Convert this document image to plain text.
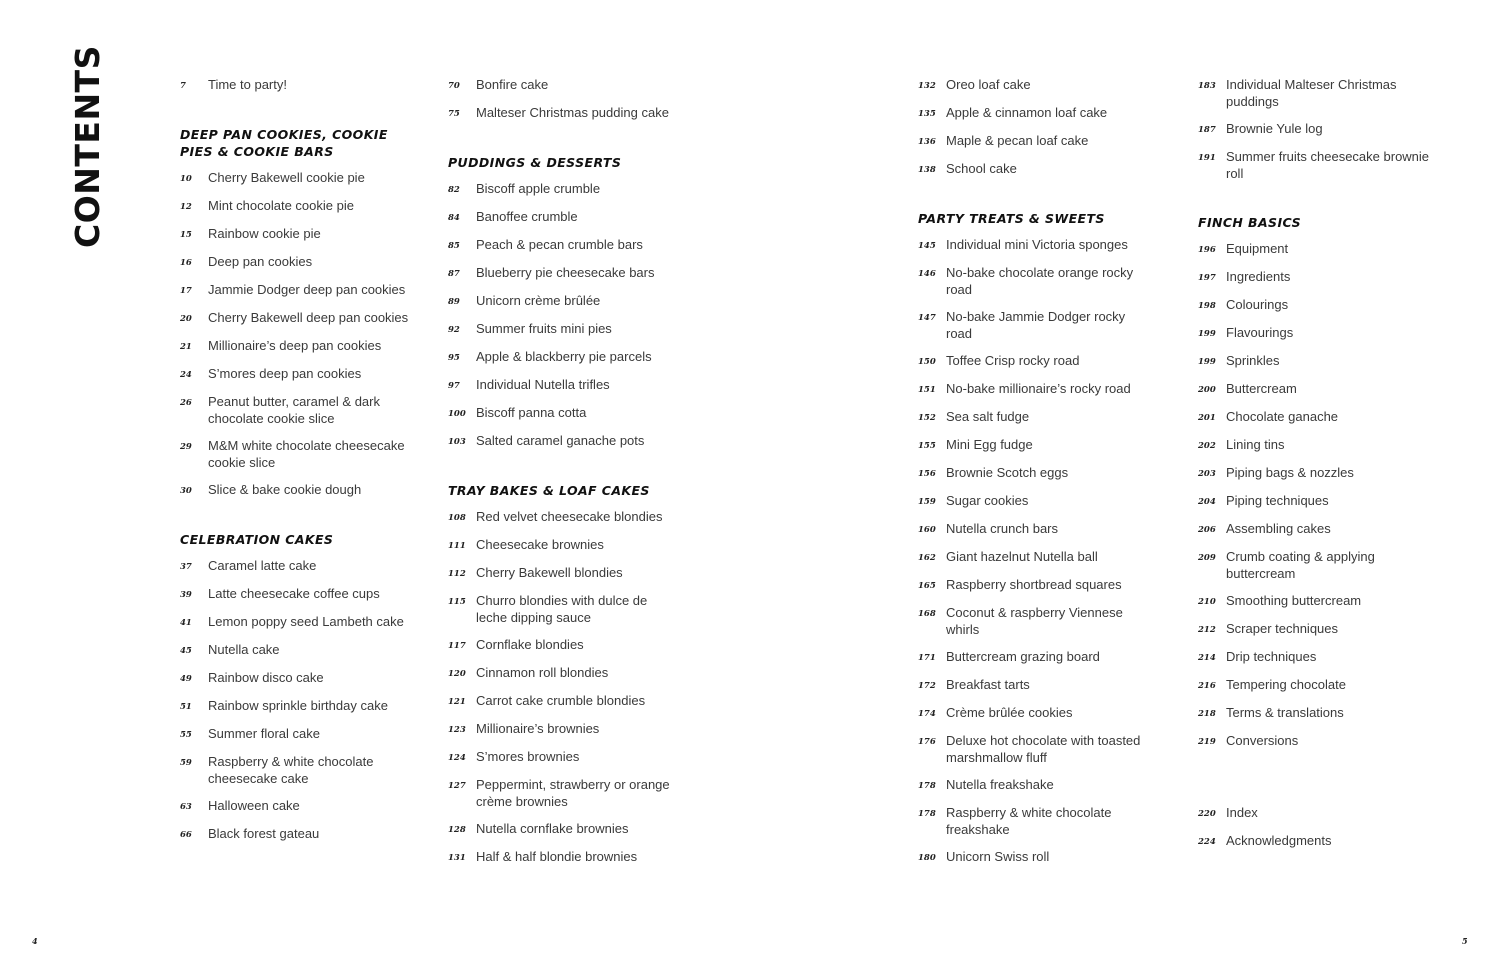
CONTENTS	7	Time to party!
DEEP PAN COOKIES, COOKIE PIES & COOKIE BARS
10	Cherry Bakewell cookie pie
12	Mint chocolate cookie pie
15	Rainbow cookie pie
16	Deep pan cookies
17	Jammie Dodger deep pan cookies
20	Cherry Bakewell deep pan cookies
21	Millionaire’s deep pan cookies
24	S’mores deep pan cookies
26	Peanut butter, caramel & dark chocolate cookie slice
29	M&M white chocolate cheesecake cookie slice
30	Slice & bake cookie dough
CELEBRATION CAKES
37	Caramel latte cake
39	Latte cheesecake coffee cups
41	Lemon poppy seed Lambeth cake
45	Nutella cake
49	Rainbow disco cake
51	Rainbow sprinkle birthday cake
55	Summer floral cake
59	Raspberry & white chocolate cheesecake cake
63	Halloween cake
66	Black forest gateau
70	Bonfire cake
75	Malteser Christmas pudding cake
PUDDINGS & DESSERTS
82	Biscoff apple crumble
84	Banoffee crumble
85	Peach & pecan crumble bars
87	Blueberry pie cheesecake bars
89	Unicorn crème brûlée
92	Summer fruits mini pies
95	Apple & blackberry pie parcels
97	Individual Nutella trifles
100 Biscoff panna cotta
103 Salted caramel ganache pots
TRAY BAKES & LOAF CAKES
108 Red velvet cheesecake blondies
111 Cheesecake brownies
112 Cherry Bakewell blondies
115 Churro blondies with dulce de leche dipping sauce
117 Cornflake blondies
120 Cinnamon roll blondies
121 Carrot cake crumble blondies
123 Millionaire’s brownies
124 S’mores brownies
127 Peppermint, strawberry or orange crème brownies
128 Nutella cornflake brownies
131 Half & half blondie brownies
132 Oreo loaf cake
135 Apple & cinnamon loaf cake
136 Maple & pecan loaf cake
138 School cake
PARTY TREATS & SWEETS
145 Individual mini Victoria sponges
146 No-bake chocolate orange rocky road
147 No-bake Jammie Dodger rocky road
150 Toffee Crisp rocky road
151 No-bake millionaire’s rocky road
152 Sea salt fudge
155 Mini Egg fudge
156 Brownie Scotch eggs
159 Sugar cookies
160 Nutella crunch bars
162 Giant hazelnut Nutella ball
165 Raspberry shortbread squares
168 Coconut & raspberry Viennese whirls
171 Buttercream grazing board
172 Breakfast tarts
174 Crème brûlée cookies
176 Deluxe hot chocolate with toasted marshmallow fluff
178 Nutella freakshake
178 Raspberry & white chocolate freakshake
180 Unicorn Swiss roll
183 Individual Malteser Christmas puddings
187 Brownie Yule log
191 Summer fruits cheesecake brownie roll
FINCH BASICS
196 Equipment
197 Ingredients
198 Colourings
199 Flavourings
199 Sprinkles
200 Buttercream
201 Chocolate ganache
202 Lining tins
203 Piping bags & nozzles
204 Piping techniques
206 Assembling cakes
209 Crumb coating & applying buttercream
210 Smoothing buttercream
212 Scraper techniques
214 Drip techniques
216 Tempering chocolate
218 Terms & translations
219 Conversions
220 Index
224 Acknowledgments
4	5
